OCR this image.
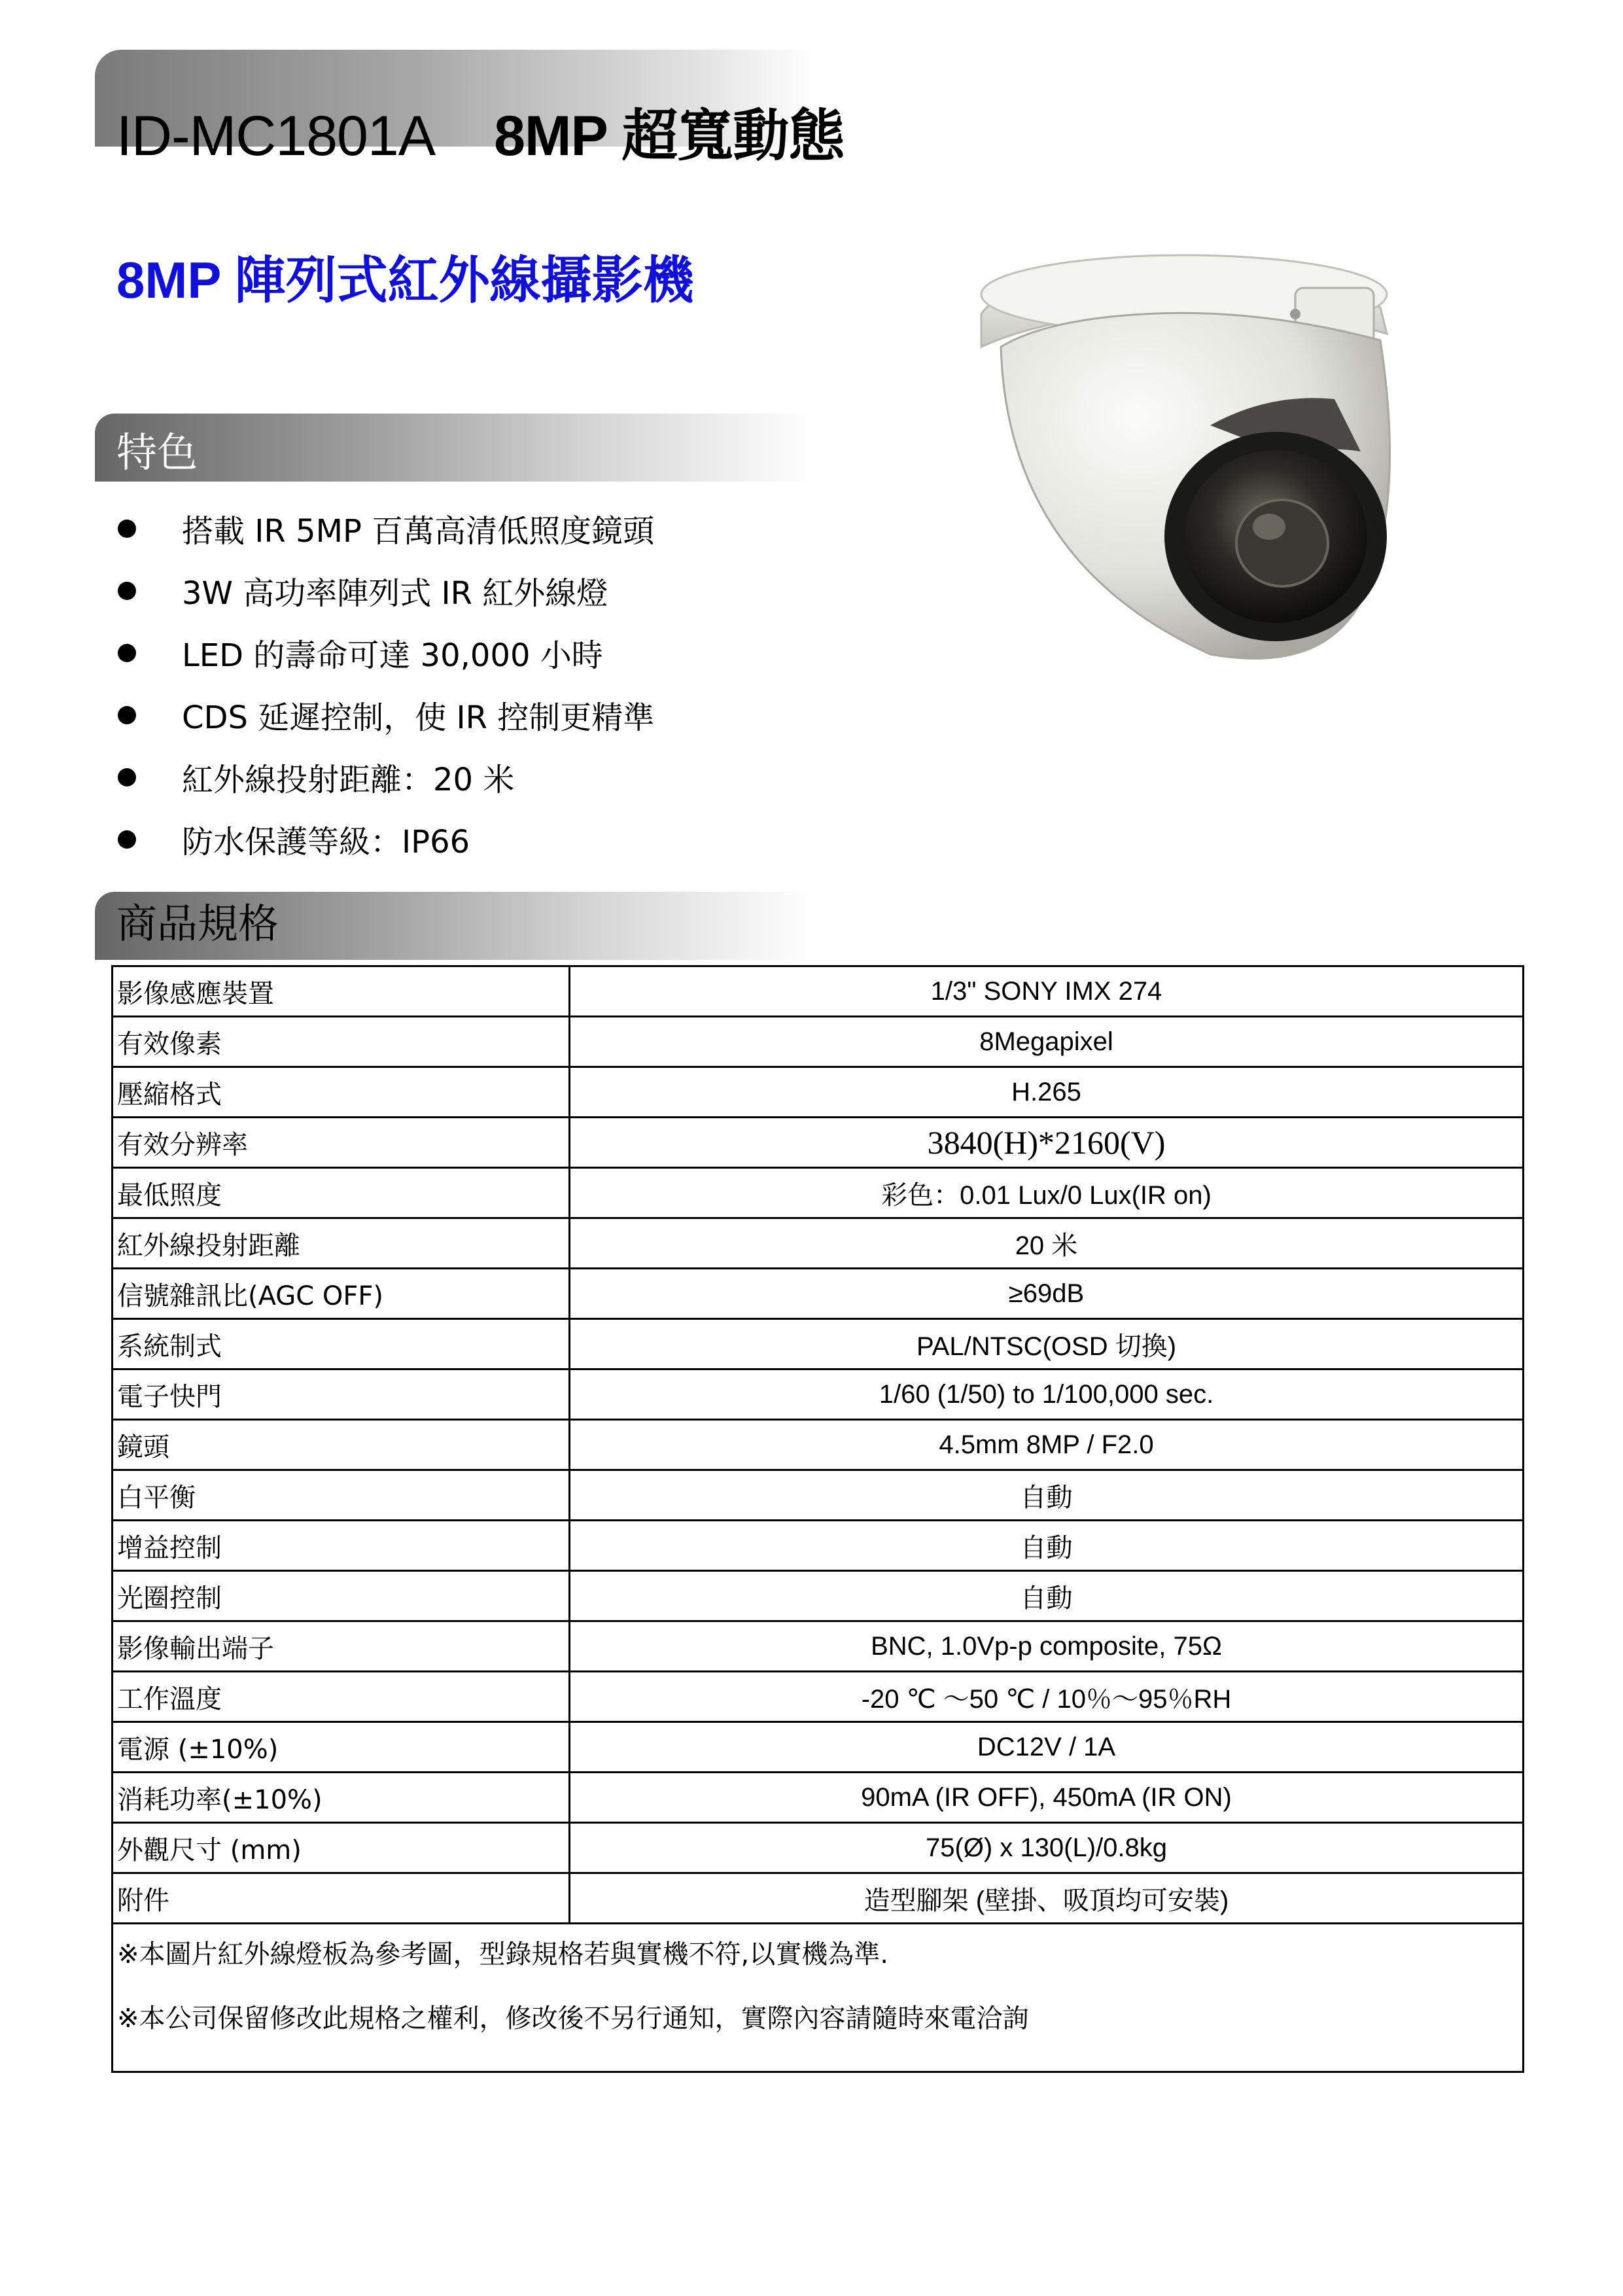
ID-MC1801A 8MP 超寬動態
8MP 陣列式紅外線攝影機
特色
搭載 IR 5MP 百萬高清低照度鏡頭
3W 高功率陣列式 IR 紅外線燈
LED 的壽命可達 30,000 小時
CDS 延遲控制，使 IR 控制更精準
紅外線投射距離：20 米
防水保護等級：IP66
商品規格
影像感應裝置	1/3" SONY IMX 274
有效像素	8Megapixel
壓縮格式	H.265
有效分辨率	3840(H)*2160(V)
最低照度	彩色：0.01 Lux/0 Lux(IR on)
紅外線投射距離	20 米
信號雜訊比(AGC OFF)	≥69dB
系統制式	PAL/NTSC(OSD 切換)
電子快門	1/60 (1/50) to 1/100,000 sec.
鏡頭	4.5mm 8MP / F2.0
白平衡	自動
增益控制	自動
光圈控制	自動
影像輸出端子	BNC, 1.0Vp-p composite, 75Ω
工作溫度	-20 ℃ ～50 ℃ / 10％～95％RH
電源 (±10%)	DC12V / 1A
消耗功率(±10%)	90mA (IR OFF), 450mA (IR ON)
外觀尺寸 (mm)	75(Ø) x 130(L)/0.8kg
附件	造型腳架 (壁掛、吸頂均可安裝)

※本圖片紅外線燈板為參考圖，型錄規格若與實機不符,以實機為準.
※本公司保留修改此規格之權利，修改後不另行通知，實際內容請隨時來電洽詢	
